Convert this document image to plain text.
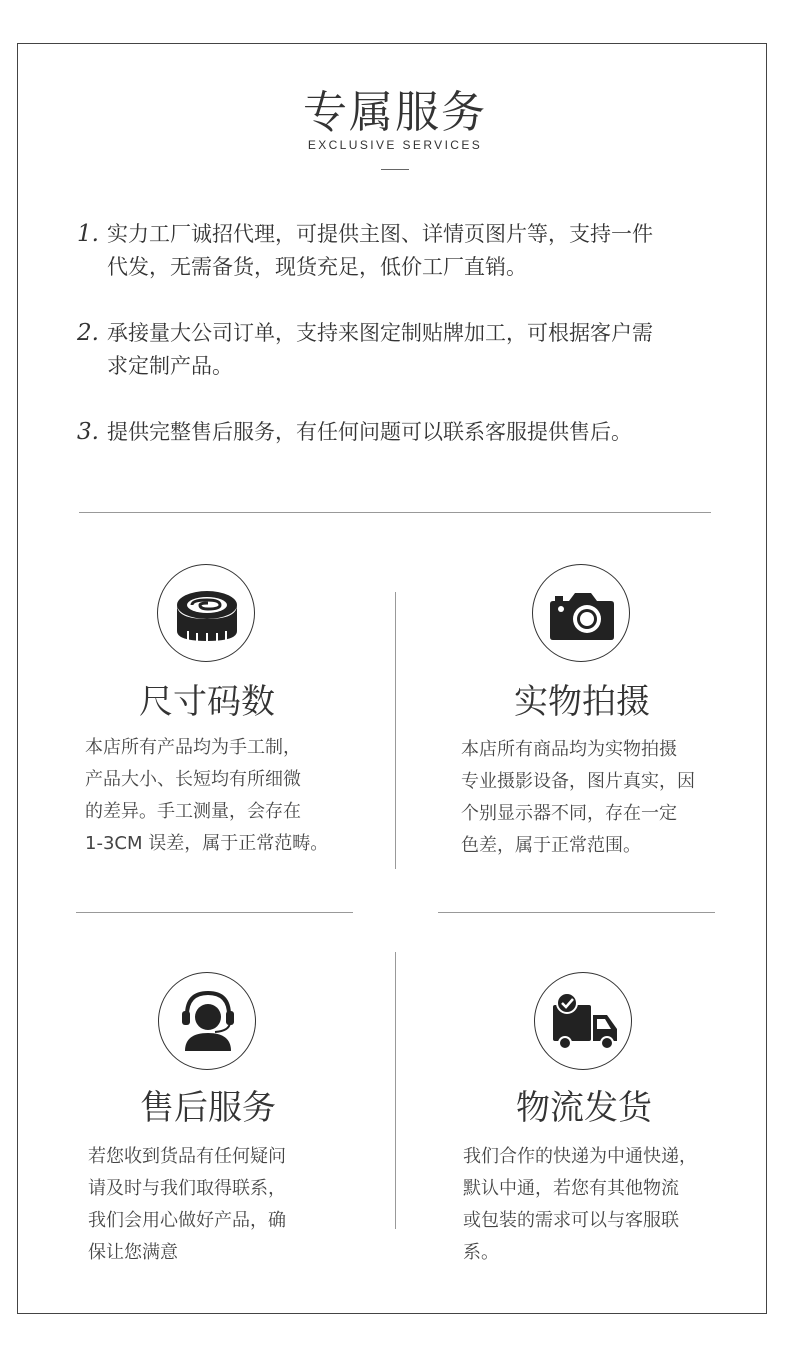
专属服务
EXCLUSIVE SERVICES
1. 实力工厂诚招代理，可提供主图、详情页图片等，支持一件
代发，无需备货，现货充足，低价工厂直销。
2. 承接量大公司订单，支持来图定制贴牌加工，可根据客户需
求定制产品。
3. 提供完整售后服务，有任何问题可以联系客服提供售后。
尺寸码数
本店所有产品均为手工制，
产品大小、长短均有所细微
的差异。手工测量，会存在
1-3CM 误差，属于正常范畴。
实物拍摄
本店所有商品均为实物拍摄
专业摄影设备，图片真实，因
个别显示器不同，存在一定
色差，属于正常范围。
售后服务
若您收到货品有任何疑问
请及时与我们取得联系，
我们会用心做好产品，确
保让您满意
物流发货
我们合作的快递为中通快递，
默认中通，若您有其他物流
或包装的需求可以与客服联
系。
